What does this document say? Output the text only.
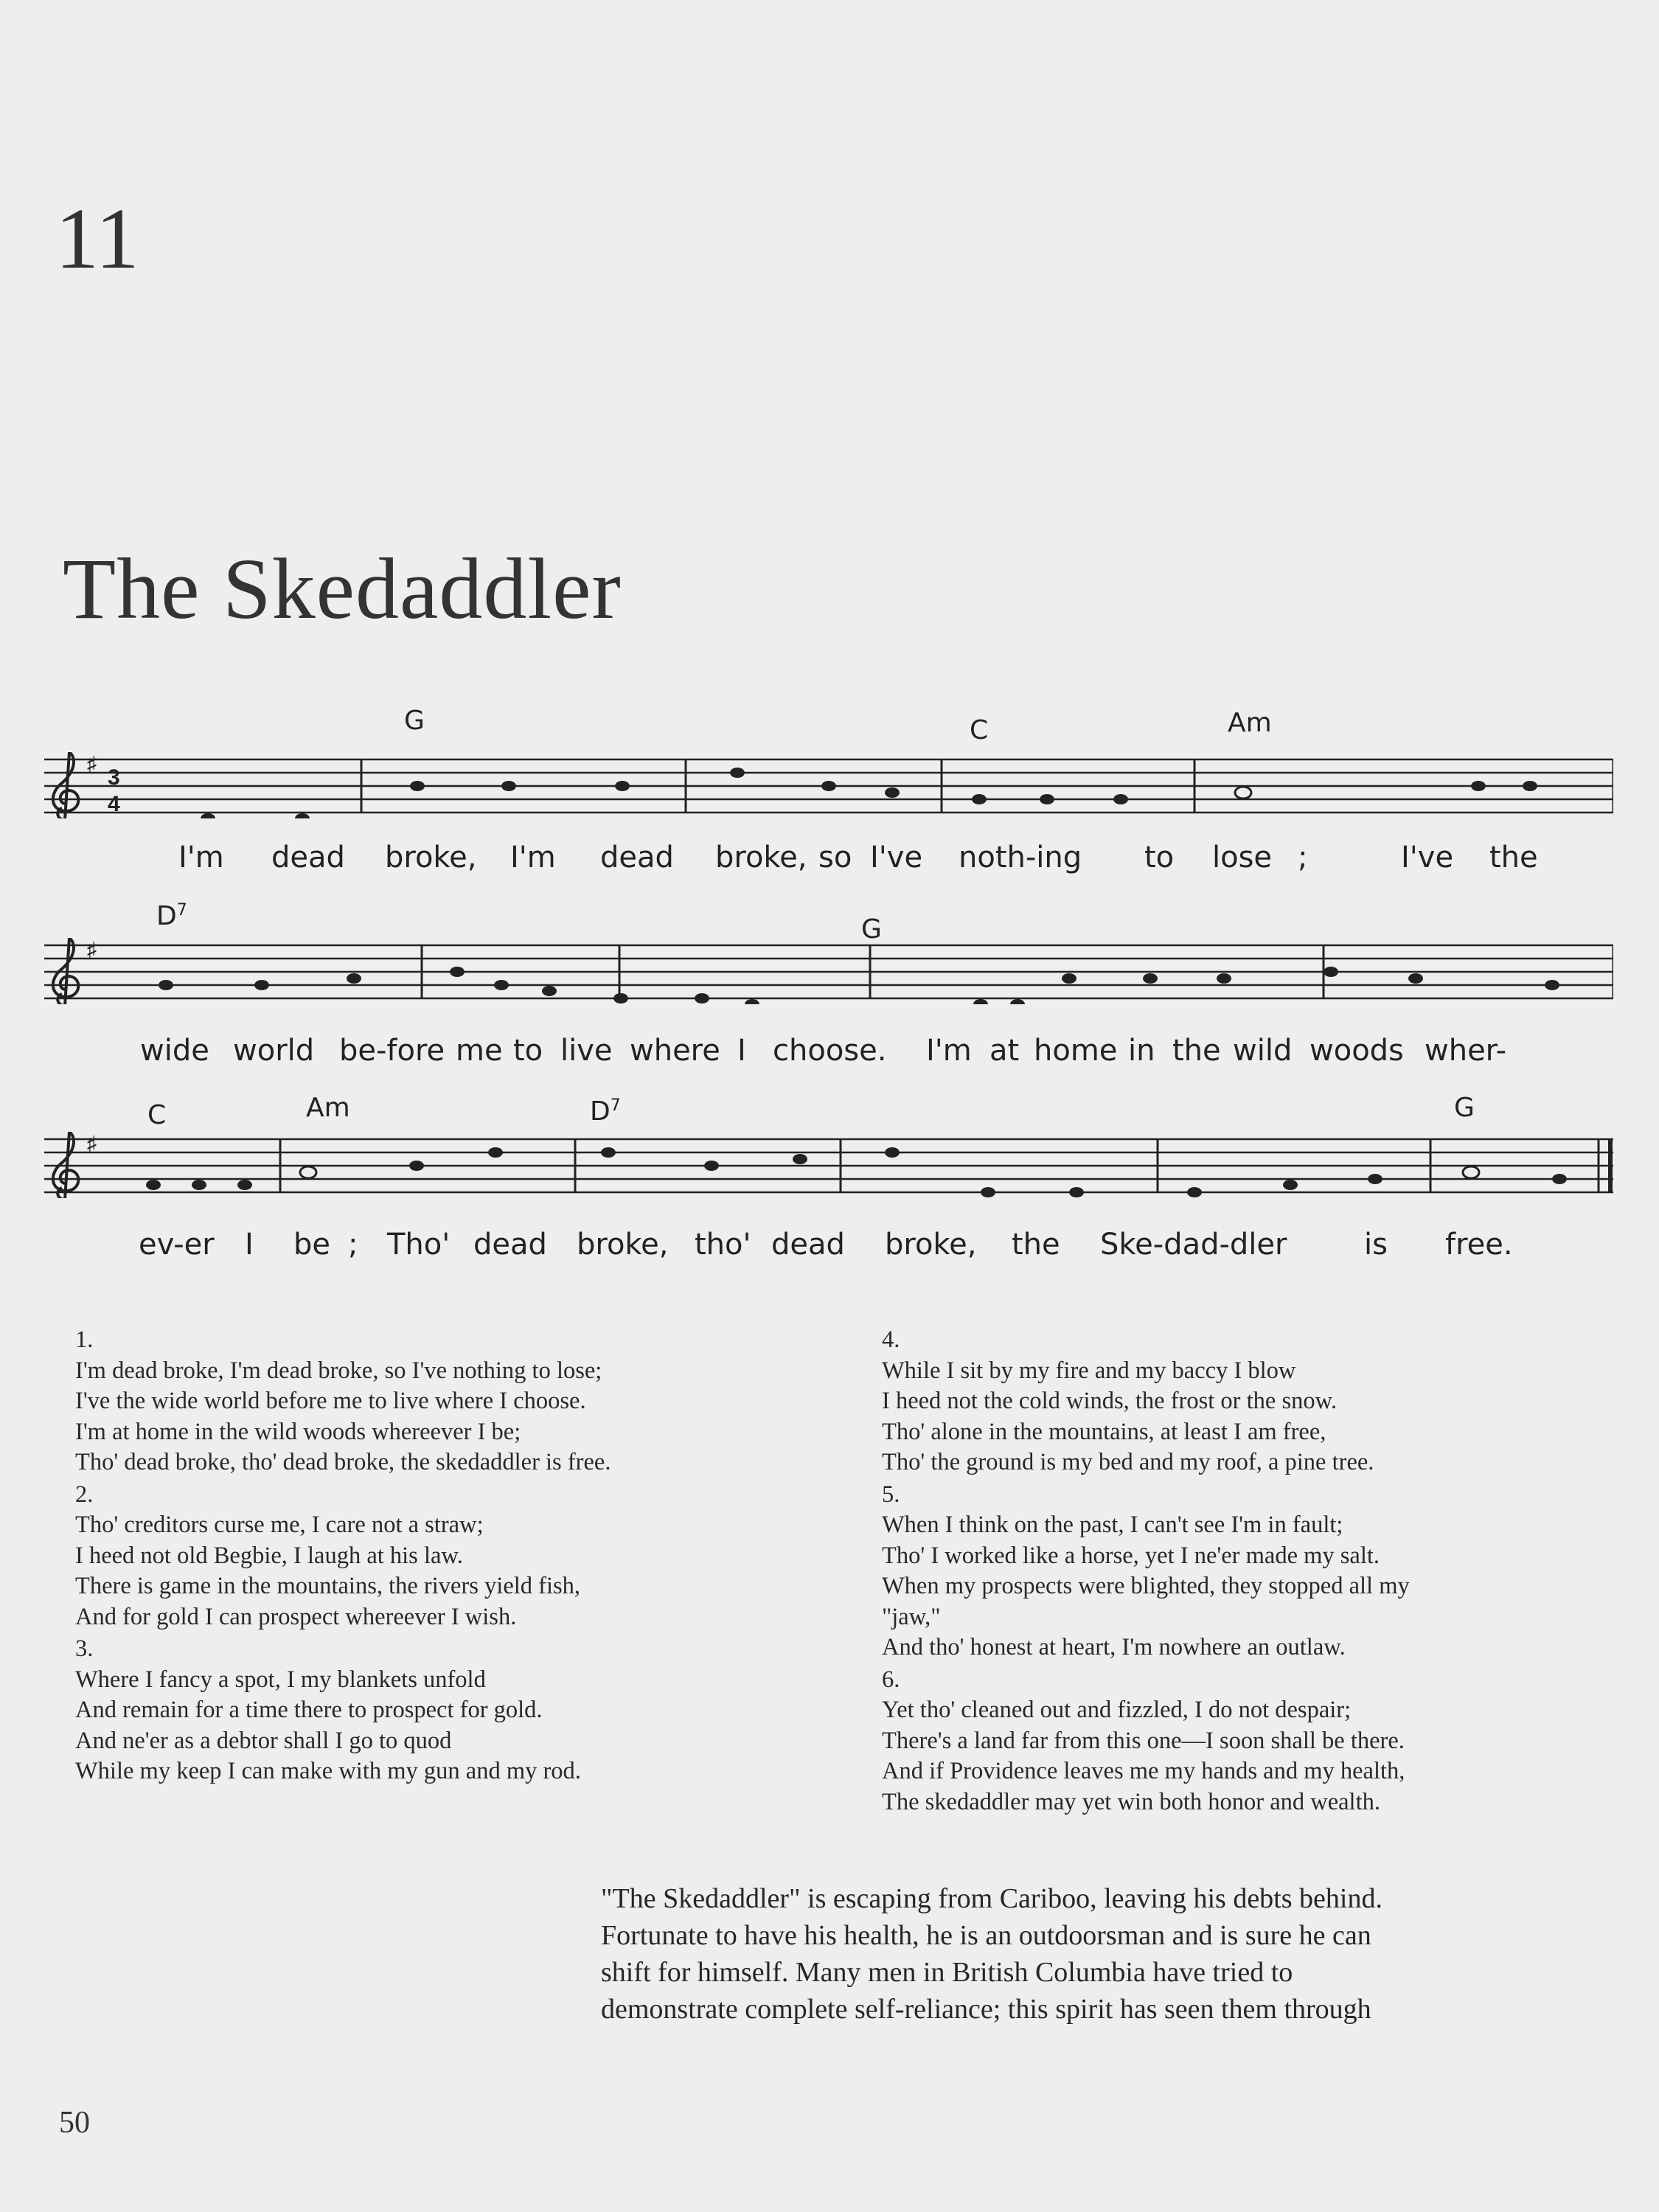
11
The Skedaddler
G	C	Am
♯
3
4
I'm dead broke, I'm dead broke, so I've noth-ing to lose ;	I've the
$D^7$
G
♯
wide world be-fore me to live where I choose. I'm at home in the wild woods wher-
C	Am	$D^7$	G
♯
ev-er I be ; Tho' dead broke, tho' dead broke, the Ske-dad-dler	is free.
1.
I'm dead broke, I'm dead broke, so I've nothing to lose;
I've the wide world before me to live where I choose.
I'm at home in the wild woods whereever I be;
Tho' dead broke, tho' dead broke, the skedaddler is free.
2.
Tho' creditors curse me, I care not a straw;
I heed not old Begbie, I laugh at his law.
There is game in the mountains, the rivers yield fish,
And for gold I can prospect whereever I wish.
3.
Where I fancy a spot, I my blankets unfold
And remain for a time there to prospect for gold.
And ne'er as a debtor shall I go to quod
While my keep I can make with my gun and my rod.
4.
While I sit by my fire and my baccy I blow
I heed not the cold winds, the frost or the snow.
Tho' alone in the mountains, at least I am free,
Tho' the ground is my bed and my roof, a pine tree.
5.
When I think on the past, I can't see I'm in fault;
Tho' I worked like a horse, yet I ne'er made my salt.
When my prospects were blighted, they stopped all my
"jaw,"
And tho' honest at heart, I'm nowhere an outlaw.
6.
Yet tho' cleaned out and fizzled, I do not despair;
There's a land far from this one—I soon shall be there.
And if Providence leaves me my hands and my health,
The skedaddler may yet win both honor and wealth.
"The Skedaddler" is escaping from Cariboo, leaving his debts behind.
Fortunate to have his health, he is an outdoorsman and is sure he can
shift for himself. Many men in British Columbia have tried to
demonstrate complete self-reliance; this spirit has seen them through
50
